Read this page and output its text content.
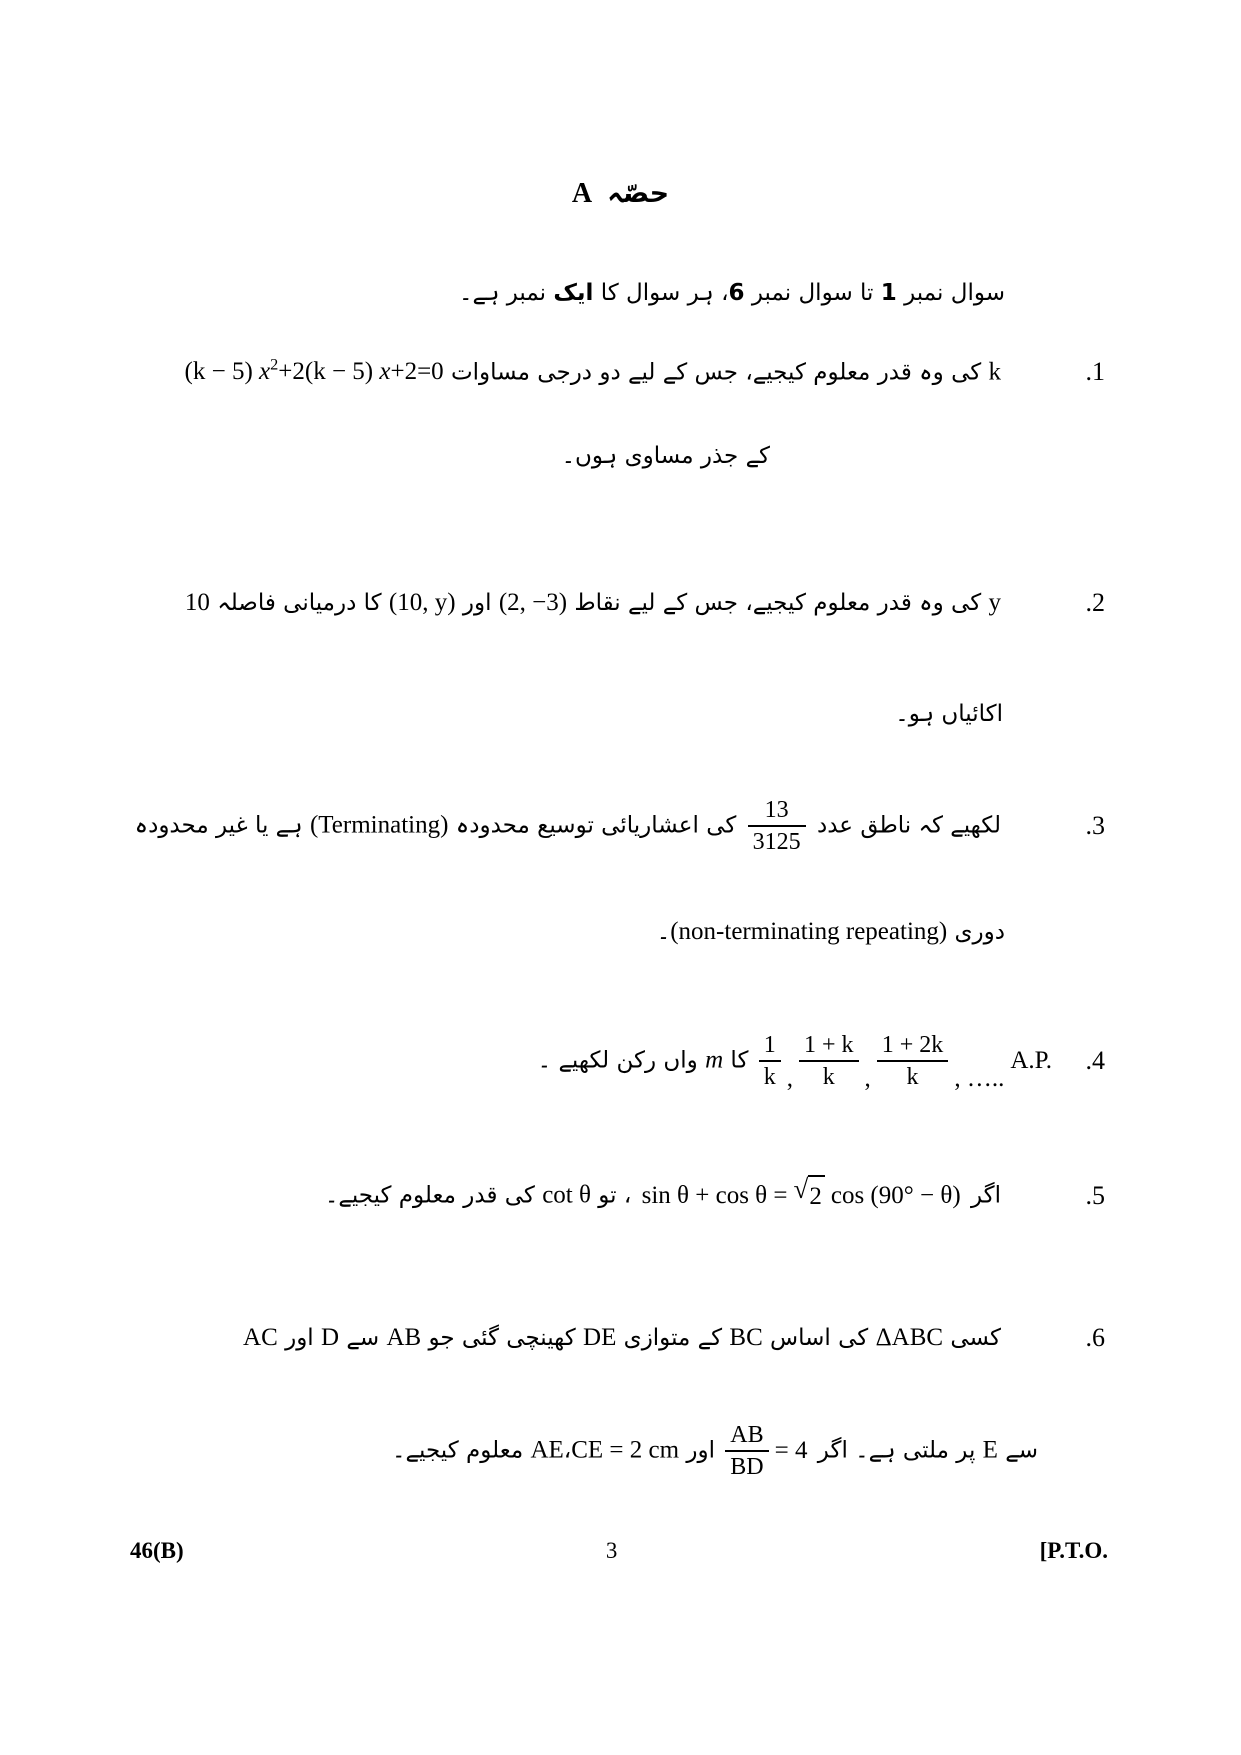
حصّہ A
سوال نمبر 1 تا سوال نمبر 6، ہر سوال کا ایک نمبر ہے۔
k کی وہ قدر معلوم کیجیے، جس کے لیے دو درجی مساوات (k − 5) $x^2+2(k - 5)$ x+2=0	.1
کے جذر مساوی ہوں۔
y کی وہ قدر معلوم کیجیے، جس کے لیے نقاط (2, −3) اور (10, y) کا درمیانی فاصلہ 10	.2
اکائیاں ہو۔
لکھیے کہ ناطق عدد
$\frac{13}{3125}$
کی اعشاریائی توسیع محدودہ (Terminating) ہے یا غیر محدودہ	.3
دوری (non-terminating repeating)۔
$\frac{1}{k}$ , $\frac{1 + k}{k}$ , $\frac{1 + 2k}{k}$ , …..
A.P.
کا m واں رکن لکھیے ۔	.4
اگر
sin θ + cos θ = √ 2 cos (90° − θ)
، تو cot θ کی قدر معلوم کیجیے۔	.5
کسی ΔABC کی اساس BC کے متوازی DE کھینچی گئی جو AB سے D اور AC	.6
سے E پر ملتی ہے۔ اگر
$\frac{AB}{BD} = 4$
اور CE = 2 cm،AE معلوم کیجیے۔
46(B)	3	[P.T.O.
